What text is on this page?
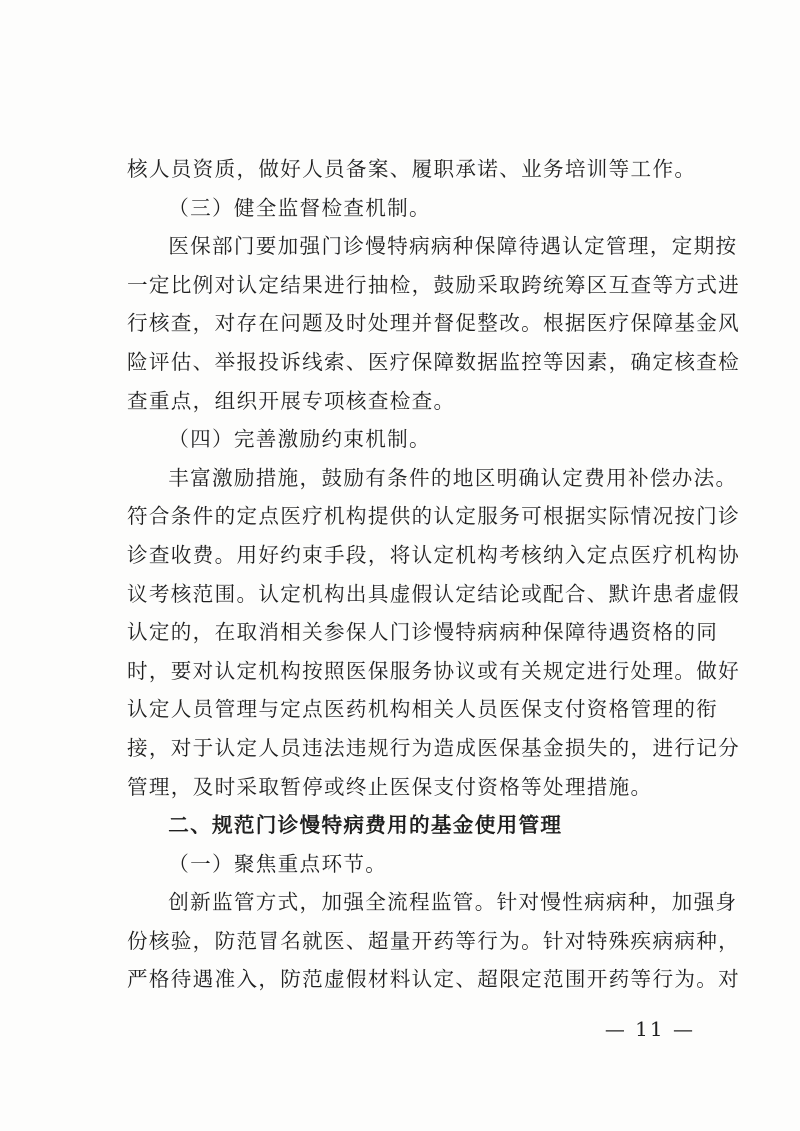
核人员资质，做好人员备案、履职承诺、业务培训等工作。

（三）健全监督检查机制。

医保部门要加强门诊慢特病病种保障待遇认定管理，定期按
一定比例对认定结果进行抽检，鼓励采取跨统筹区互查等方式进
行核查，对存在问题及时处理并督促整改。根据医疗保障基金风
险评估、举报投诉线索、医疗保障数据监控等因素，确定核查检
查重点，组织开展专项核查检查。

（四）完善激励约束机制。

丰富激励措施，鼓励有条件的地区明确认定费用补偿办法。
符合条件的定点医疗机构提供的认定服务可根据实际情况按门诊
诊查收费。用好约束手段，将认定机构考核纳入定点医疗机构协
议考核范围。认定机构出具虚假认定结论或配合、默许患者虚假
认定的，在取消相关参保人门诊慢特病病种保障待遇资格的同
时，要对认定机构按照医保服务协议或有关规定进行处理。做好
认定人员管理与定点医药机构相关人员医保支付资格管理的衔
接，对于认定人员违法违规行为造成医保基金损失的，进行记分
管理，及时采取暂停或终止医保支付资格等处理措施。

二、规范门诊慢特病费用的基金使用管理

（一）聚焦重点环节。

创新监管方式，加强全流程监管。针对慢性病病种，加强身
份核验，防范冒名就医、超量开药等行为。针对特殊疾病病种，
严格待遇准入，防范虚假材料认定、超限定范围开药等行为。对

— 11 —
